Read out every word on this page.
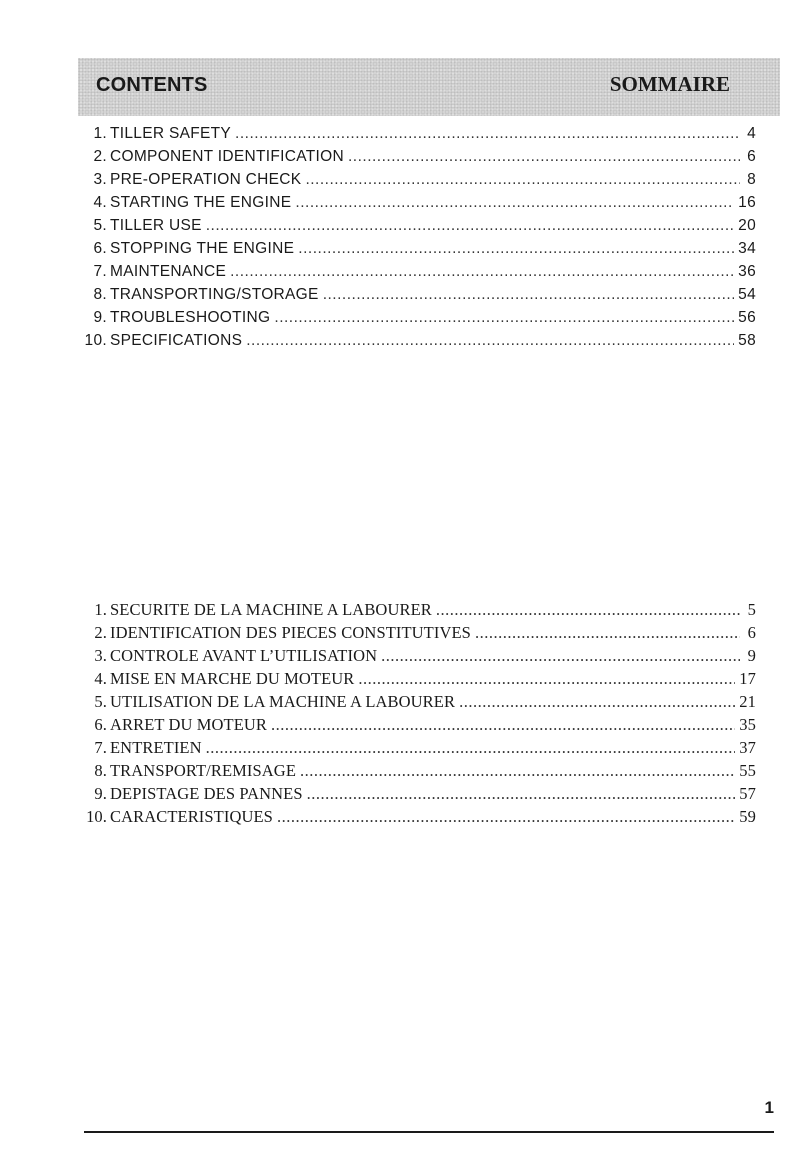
CONTENTS	SOMMAIRE
1. TILLER SAFETY .....	4
2. COMPONENT IDENTIFICATION .....	6
3. PRE-OPERATION CHECK .....	8
4. STARTING THE ENGINE .....	16
5. TILLER USE .....	20
6. STOPPING THE ENGINE .....	34
7. MAINTENANCE .....	36
8. TRANSPORTING/STORAGE .....	54
9. TROUBLESHOOTING .....	56
10. SPECIFICATIONS .....	58
1. SECURITE DE LA MACHINE A LABOURER .....	5
2. IDENTIFICATION DES PIECES CONSTITUTIVES .....	6
3. CONTROLE AVANT L’UTILISATION .....	9
4. MISE EN MARCHE DU MOTEUR .....	17
5. UTILISATION DE LA MACHINE A LABOURER .....	21
6. ARRET DU MOTEUR .....	35
7. ENTRETIEN .....	37
8. TRANSPORT/REMISAGE .....	55
9. DEPISTAGE DES PANNES .....	57
10. CARACTERISTIQUES .....	59
1
